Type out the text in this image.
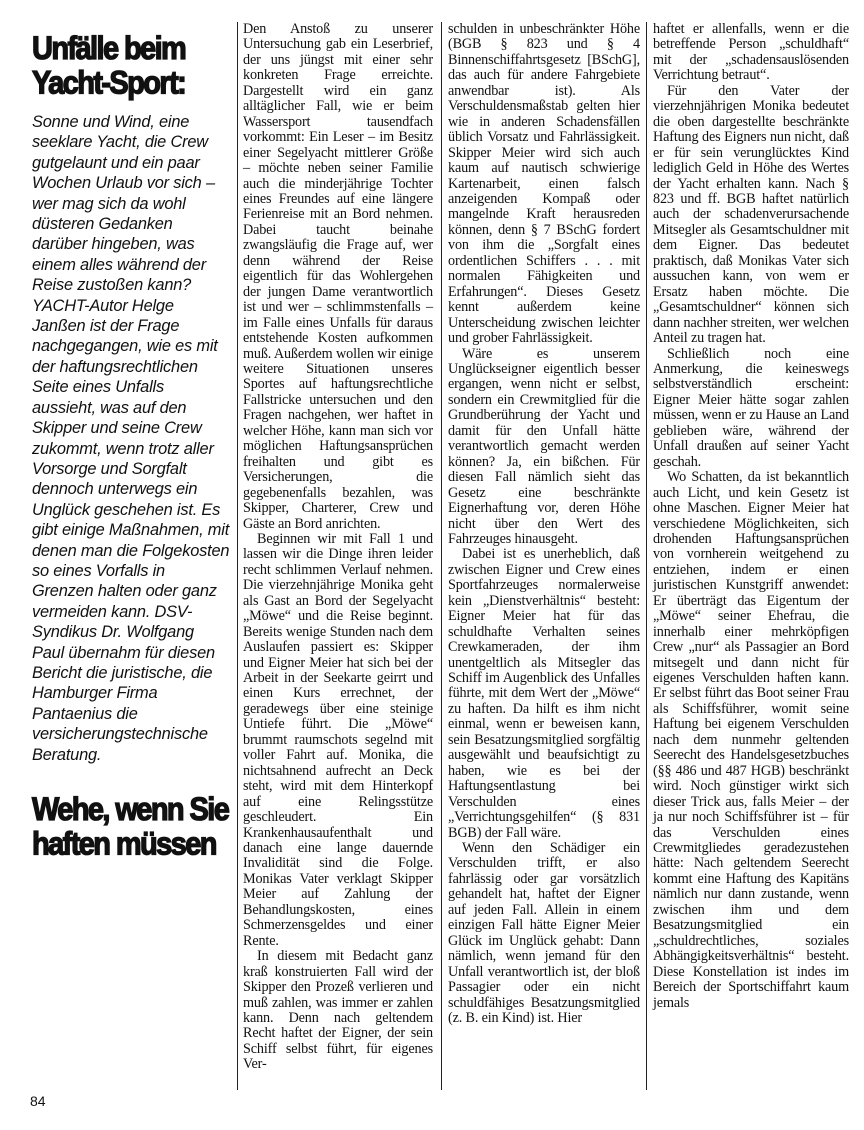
Unfälle beim Yacht-Sport:

Sonne und Wind, eine seeklare Yacht, die Crew gutgelaunt und ein paar Wochen Urlaub vor sich – wer mag sich da wohl düsteren Gedanken darüber hingeben, was einem alles während der Reise zustoßen kann? YACHT-Autor Helge Janßen ist der Frage nachgegangen, wie es mit der haftungsrechtlichen Seite eines Unfalls aussieht, was auf den Skipper und seine Crew zukommt, wenn trotz aller Vorsorge und Sorgfalt dennoch unterwegs ein Unglück geschehen ist. Es gibt einige Maßnahmen, mit denen man die Folgekosten so eines Vorfalls in Grenzen halten oder ganz vermeiden kann. DSV-Syndikus Dr. Wolfgang Paul übernahm für diesen Bericht die juristische, die Hamburger Firma Pantaenius die versicherungstechnische Beratung.

Wehe, wenn Sie haften müssen

Den Anstoß zu unserer Untersuchung gab ein Leserbrief, der uns jüngst mit einer sehr konkreten Frage erreichte. Dargestellt wird ein ganz alltäglicher Fall, wie er beim Wassersport tausendfach vorkommt: Ein Leser – im Besitz einer Segelyacht mittlerer Größe – möchte neben seiner Familie auch die minderjährige Tochter eines Freundes auf eine längere Ferienreise mit an Bord nehmen. Dabei taucht beinahe zwangsläufig die Frage auf, wer denn während der Reise eigentlich für das Wohlergehen der jungen Dame verantwortlich ist und wer – schlimmstenfalls – im Falle eines Unfalls für daraus entstehende Kosten aufkommen muß. Außerdem wollen wir einige weitere Situationen unseres Sportes auf haftungsrechtliche Fallstricke untersuchen und den Fragen nachgehen, wer haftet in welcher Höhe, kann man sich vor möglichen Haftungsansprüchen freihalten und gibt es Versicherungen, die gegebenenfalls bezahlen, was Skipper, Charterer, Crew und Gäste an Bord anrichten.

Beginnen wir mit Fall 1 und lassen wir die Dinge ihren leider recht schlimmen Verlauf nehmen. Die vierzehnjährige Monika geht als Gast an Bord der Segelyacht „Möwe“ und die Reise beginnt. Bereits wenige Stunden nach dem Auslaufen passiert es: Skipper und Eigner Meier hat sich bei der Arbeit in der Seekarte geirrt und einen Kurs errechnet, der geradewegs über eine steinige Untiefe führt. Die „Möwe“ brummt raumschots segelnd mit voller Fahrt auf. Monika, die nichtsahnend aufrecht an Deck steht, wird mit dem Hinterkopf auf eine Relingsstütze geschleudert. Ein Krankenhausaufenthalt und danach eine lange dauernde Invalidität sind die Folge. Monikas Vater verklagt Skipper Meier auf Zahlung der Behandlungskosten, eines Schmerzensgeldes und einer Rente.

In diesem mit Bedacht ganz kraß konstruierten Fall wird der Skipper den Prozeß verlieren und muß zahlen, was immer er zahlen kann. Denn nach geltendem Recht haftet der Eigner, der sein Schiff selbst führt, für eigenes Ver-

schulden in unbeschränkter Höhe (BGB § 823 und § 4 Binnenschiffahrtsgesetz [BSchG], das auch für andere Fahrgebiete anwendbar ist). Als Verschuldensmaßstab gelten hier wie in anderen Schadensfällen üblich Vorsatz und Fahrlässigkeit. Skipper Meier wird sich auch kaum auf nautisch schwierige Kartenarbeit, einen falsch anzeigenden Kompaß oder mangelnde Kraft herausreden können, denn § 7 BSchG fordert von ihm die „Sorgfalt eines ordentlichen Schiffers . . . mit normalen Fähigkeiten und Erfahrungen“. Dieses Gesetz kennt außerdem keine Unterscheidung zwischen leichter und grober Fahrlässigkeit.

Wäre es unserem Unglückseigner eigentlich besser ergangen, wenn nicht er selbst, sondern ein Crewmitglied für die Grundberührung der Yacht und damit für den Unfall hätte verantwortlich gemacht werden können? Ja, ein bißchen. Für diesen Fall nämlich sieht das Gesetz eine beschränkte Eignerhaftung vor, deren Höhe nicht über den Wert des Fahrzeuges hinausgeht.

Dabei ist es unerheblich, daß zwischen Eigner und Crew eines Sportfahrzeuges normalerweise kein „Dienstverhältnis“ besteht: Eigner Meier hat für das schuldhafte Verhalten seines Crewkameraden, der ihm unentgeltlich als Mitsegler das Schiff im Augenblick des Unfalles führte, mit dem Wert der „Möwe“ zu haften. Da hilft es ihm nicht einmal, wenn er beweisen kann, sein Besatzungsmitglied sorgfältig ausgewählt und beaufsichtigt zu haben, wie es bei der Haftungsentlastung bei Verschulden eines „Verrichtungsgehilfen“ (§ 831 BGB) der Fall wäre.

Wenn den Schädiger ein Verschulden trifft, er also fahrlässig oder gar vorsätzlich gehandelt hat, haftet der Eigner auf jeden Fall. Allein in einem einzigen Fall hätte Eigner Meier Glück im Unglück gehabt: Dann nämlich, wenn jemand für den Unfall verantwortlich ist, der bloß Passagier oder ein nicht schuldfähiges Besatzungsmitglied (z. B. ein Kind) ist. Hier

haftet er allenfalls, wenn er die betreffende Person „schuldhaft“ mit der „schadensauslösenden Verrichtung betraut“.

Für den Vater der vierzehnjährigen Monika bedeutet die oben dargestellte beschränkte Haftung des Eigners nun nicht, daß er für sein verunglücktes Kind lediglich Geld in Höhe des Wertes der Yacht erhalten kann. Nach § 823 und ff. BGB haftet natürlich auch der schadenverursachende Mitsegler als Gesamtschuldner mit dem Eigner. Das bedeutet praktisch, daß Monikas Vater sich aussuchen kann, von wem er Ersatz haben möchte. Die „Gesamtschuldner“ können sich dann nachher streiten, wer welchen Anteil zu tragen hat.

Schließlich noch eine Anmerkung, die keineswegs selbstverständlich erscheint: Eigner Meier hätte sogar zahlen müssen, wenn er zu Hause an Land geblieben wäre, während der Unfall draußen auf seiner Yacht geschah.

Wo Schatten, da ist bekanntlich auch Licht, und kein Gesetz ist ohne Maschen. Eigner Meier hat verschiedene Möglichkeiten, sich drohenden Haftungsansprüchen von vornherein weitgehend zu entziehen, indem er einen juristischen Kunstgriff anwendet: Er überträgt das Eigentum der „Möwe“ seiner Ehefrau, die innerhalb einer mehrköpfigen Crew „nur“ als Passagier an Bord mitsegelt und dann nicht für eigenes Verschulden haften kann. Er selbst führt das Boot seiner Frau als Schiffsführer, womit seine Haftung bei eigenem Verschulden nach dem nunmehr geltenden Seerecht des Handelsgesetzbuches (§§ 486 und 487 HGB) beschränkt wird. Noch günstiger wirkt sich dieser Trick aus, falls Meier – der ja nur noch Schiffsführer ist – für das Verschulden eines Crewmitgliedes geradezustehen hätte: Nach geltendem Seerecht kommt eine Haftung des Kapitäns nämlich nur dann zustande, wenn zwischen ihm und dem Besatzungsmitglied ein „schuldrechtliches, soziales Abhängigkeitsverhältnis“ besteht. Diese Konstellation ist indes im Bereich der Sportschiffahrt kaum jemals

84
